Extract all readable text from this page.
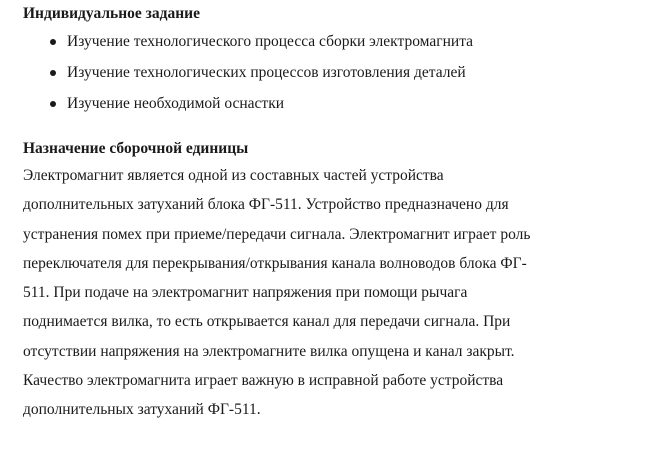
Индивидуальное задание
Изучение технологического процесса сборки электромагнита
Изучение технологических процессов изготовления деталей
Изучение необходимой оснастки
Назначение сборочной единицы

Электромагнит является одной из составных частей устройства
дополнительных затуханий блока ФГ-511. Устройство предназначено для
устранения помех при приеме/передачи сигнала. Электромагнит играет роль
переключателя для перекрывания/открывания канала волноводов блока ФГ-
511. При подаче на электромагнит напряжения при помощи рычага
поднимается вилка, то есть открывается канал для передачи сигнала. При
отсутствии напряжения на электромагните вилка опущена и канал закрыт.
Качество электромагнита играет важную в исправной работе устройства
дополнительных затуханий ФГ-511.
